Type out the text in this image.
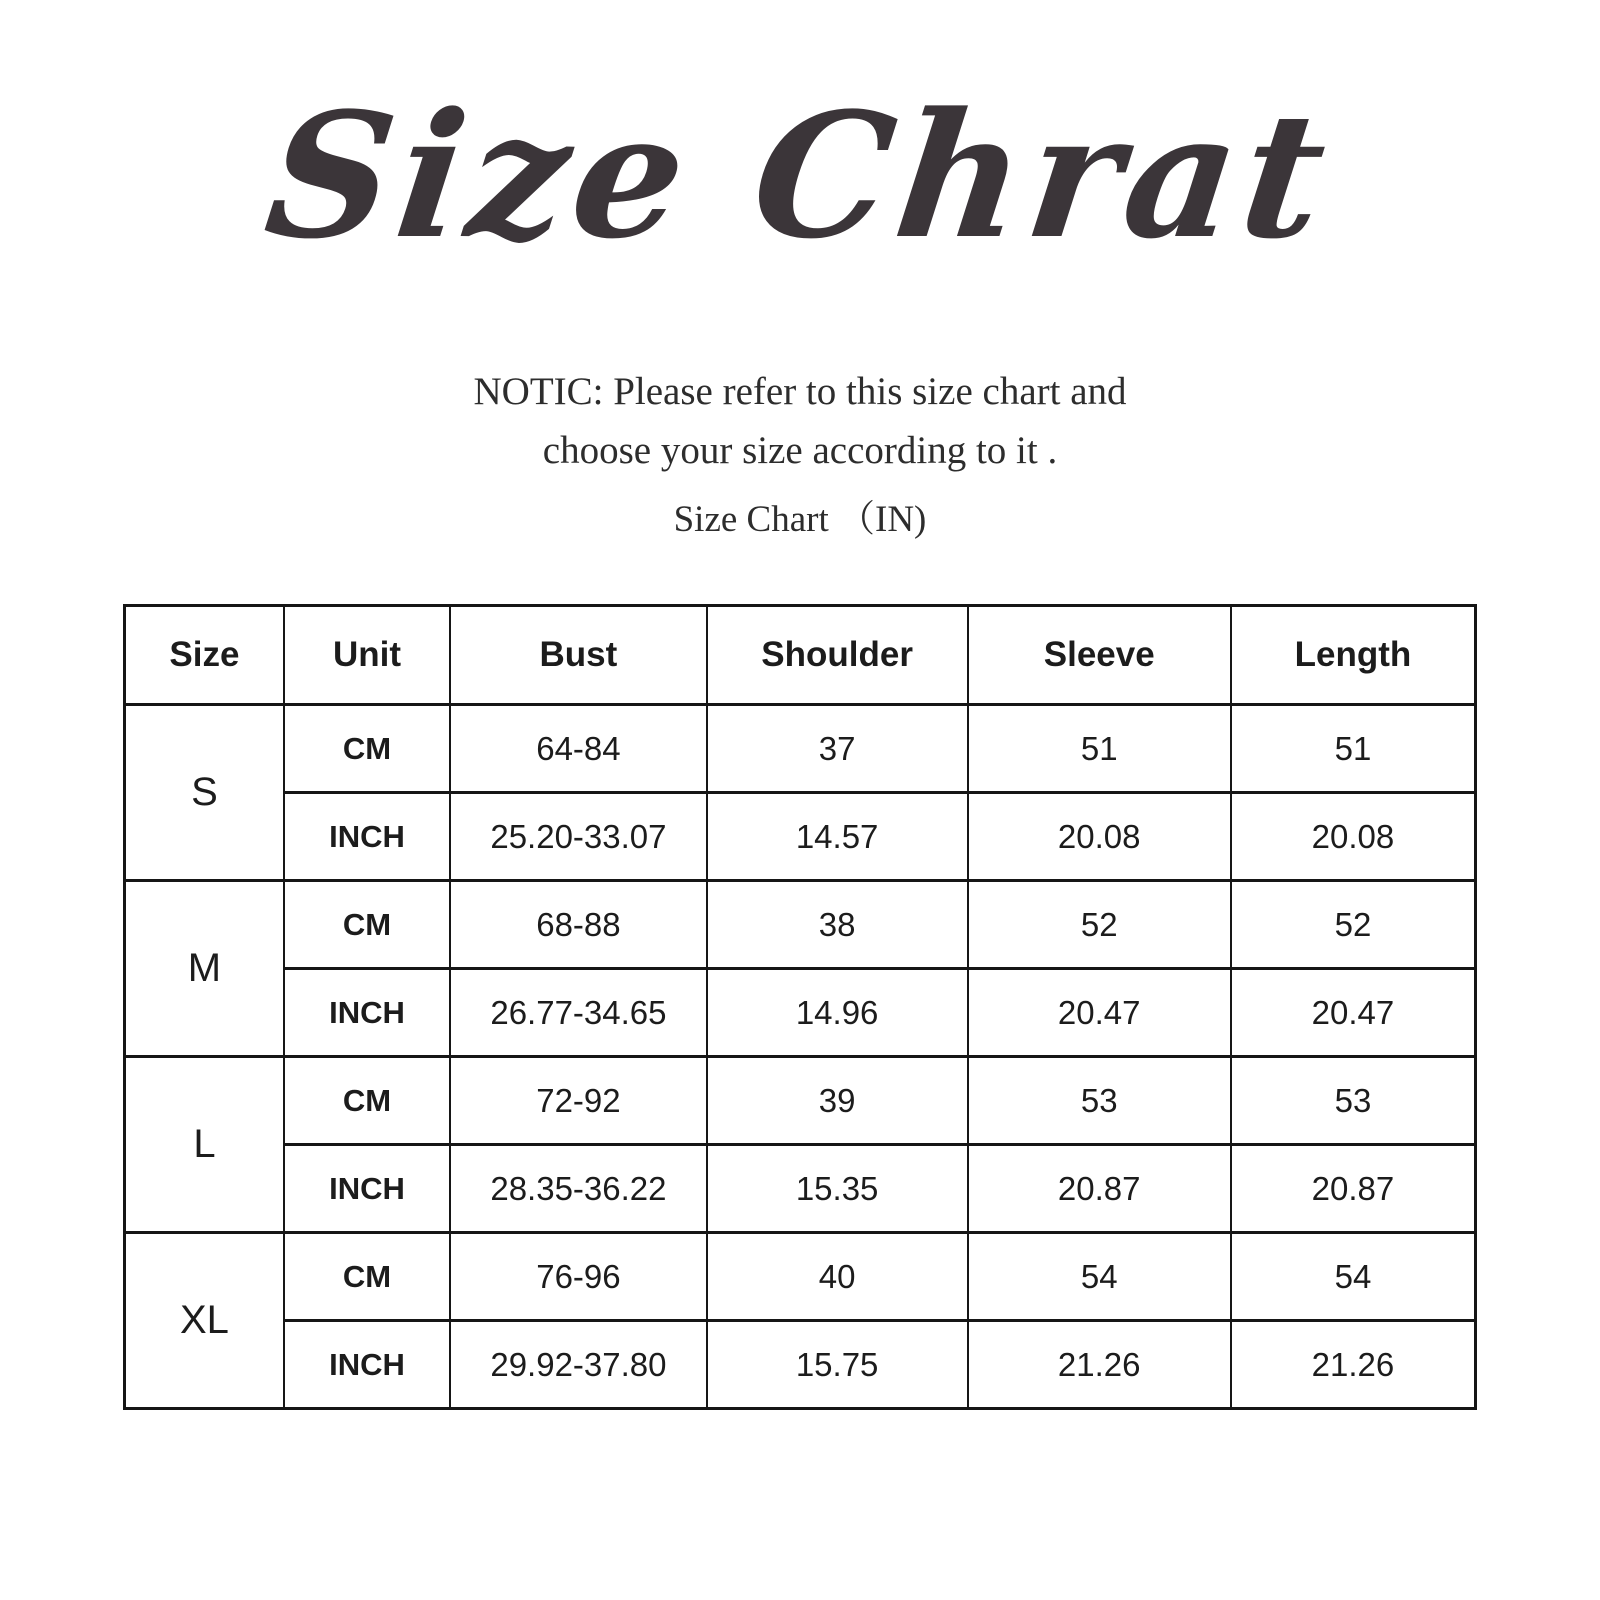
Size Chrat
NOTIC: Please refer to this size chart and
choose your size according to it .
Size Chart （IN)
Size	Unit	Bust	Shoulder	Sleeve	Length
S	CM	64-84	37	51	51
	INCH	25.20-33.07	14.57	20.08	20.08
M	CM	68-88	38	52	52
	INCH	26.77-34.65	14.96	20.47	20.47
L	CM	72-92	39	53	53
	INCH	28.35-36.22	15.35	20.87	20.87
XL	CM	76-96	40	54	54
	INCH	29.92-37.80	15.75	21.26	21.26
